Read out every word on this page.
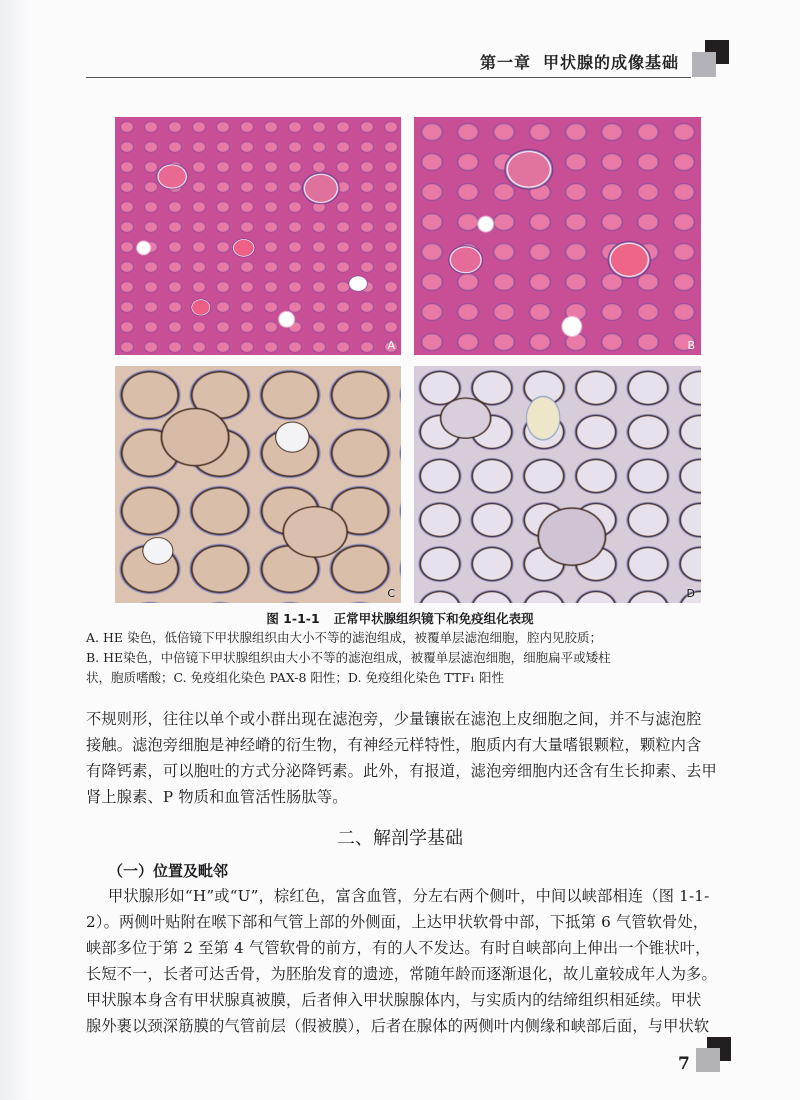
第一章 甲状腺的成像基础
A	B
C	D
图 1-1-1 正常甲状腺组织镜下和免疫组化表现
A. HE 染色，低倍镜下甲状腺组织由大小不等的滤泡组成，被覆单层滤泡细胞，腔内见胶质；
B. HE染色，中倍镜下甲状腺组织由大小不等的滤泡组成，被覆单层滤泡细胞，细胞扁平或矮柱
状，胞质嗜酸；C. 免疫组化染色 PAX-8 阳性；D. 免疫组化染色 TTF₁ 阳性
不规则形，往往以单个或小群出现在滤泡旁，少量镶嵌在滤泡上皮细胞之间，并不与滤泡腔
接触。滤泡旁细胞是神经嵴的衍生物，有神经元样特性，胞质内有大量嗜银颗粒，颗粒内含
有降钙素，可以胞吐的方式分泌降钙素。此外，有报道，滤泡旁细胞内还含有生长抑素、去甲
肾上腺素、P 物质和血管活性肠肽等。
二、解剖学基础
（一）位置及毗邻
甲状腺形如“H”或“U”，棕红色，富含血管，分左右两个侧叶，中间以峡部相连（图 1-1-
2）。两侧叶贴附在喉下部和气管上部的外侧面，上达甲状软骨中部，下抵第 6 气管软骨处，
峡部多位于第 2 至第 4 气管软骨的前方，有的人不发达。有时自峡部向上伸出一个锥状叶，
长短不一，长者可达舌骨，为胚胎发育的遗迹，常随年龄而逐渐退化，故儿童较成年人为多。
甲状腺本身含有甲状腺真被膜，后者伸入甲状腺腺体内，与实质内的结缔组织相延续。甲状
腺外裹以颈深筋膜的气管前层（假被膜），后者在腺体的两侧叶内侧缘和峡部后面，与甲状软
7
